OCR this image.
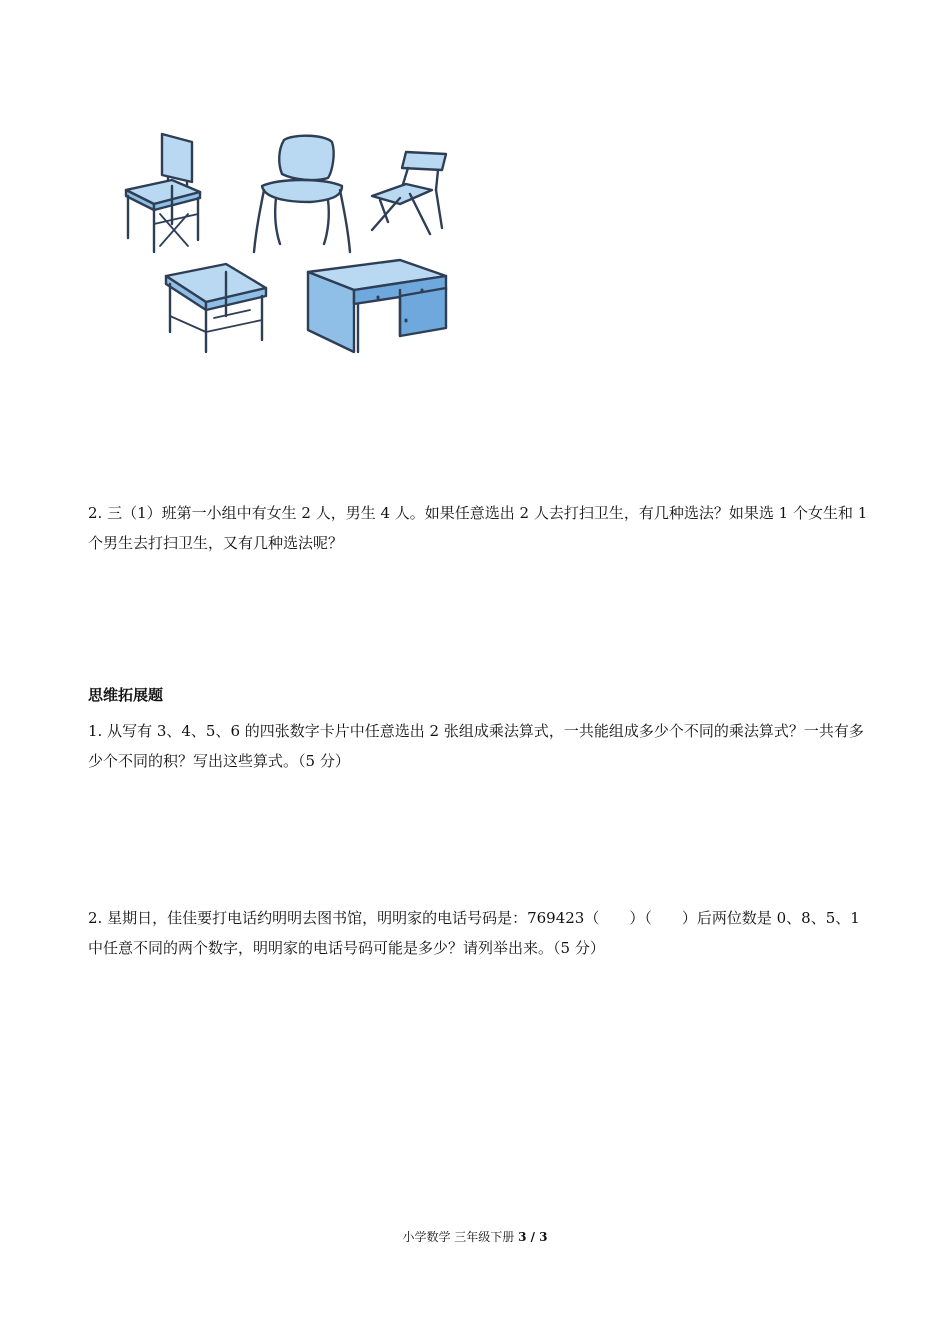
2. 三（1）班第一小组中有女生 2 人，男生 4 人。如果任意选出 2 人去打扫卫生，有几种选法？如果选 1 个女生和 1 个男生去打扫卫生，又有几种选法呢？
思维拓展题
1. 从写有 3、4、5、6 的四张数字卡片中任意选出 2 张组成乘法算式，一共能组成多少个不同的乘法算式？一共有多少个不同的积？写出这些算式。（5 分）
2. 星期日，佳佳要打电话约明明去图书馆，明明家的电话号码是：769423（　　）（　　）后两位数是 0、8、5、1 中任意不同的两个数字，明明家的电话号码可能是多少？请列举出来。（5 分）
小学数学 三年级下册 3 / 3
